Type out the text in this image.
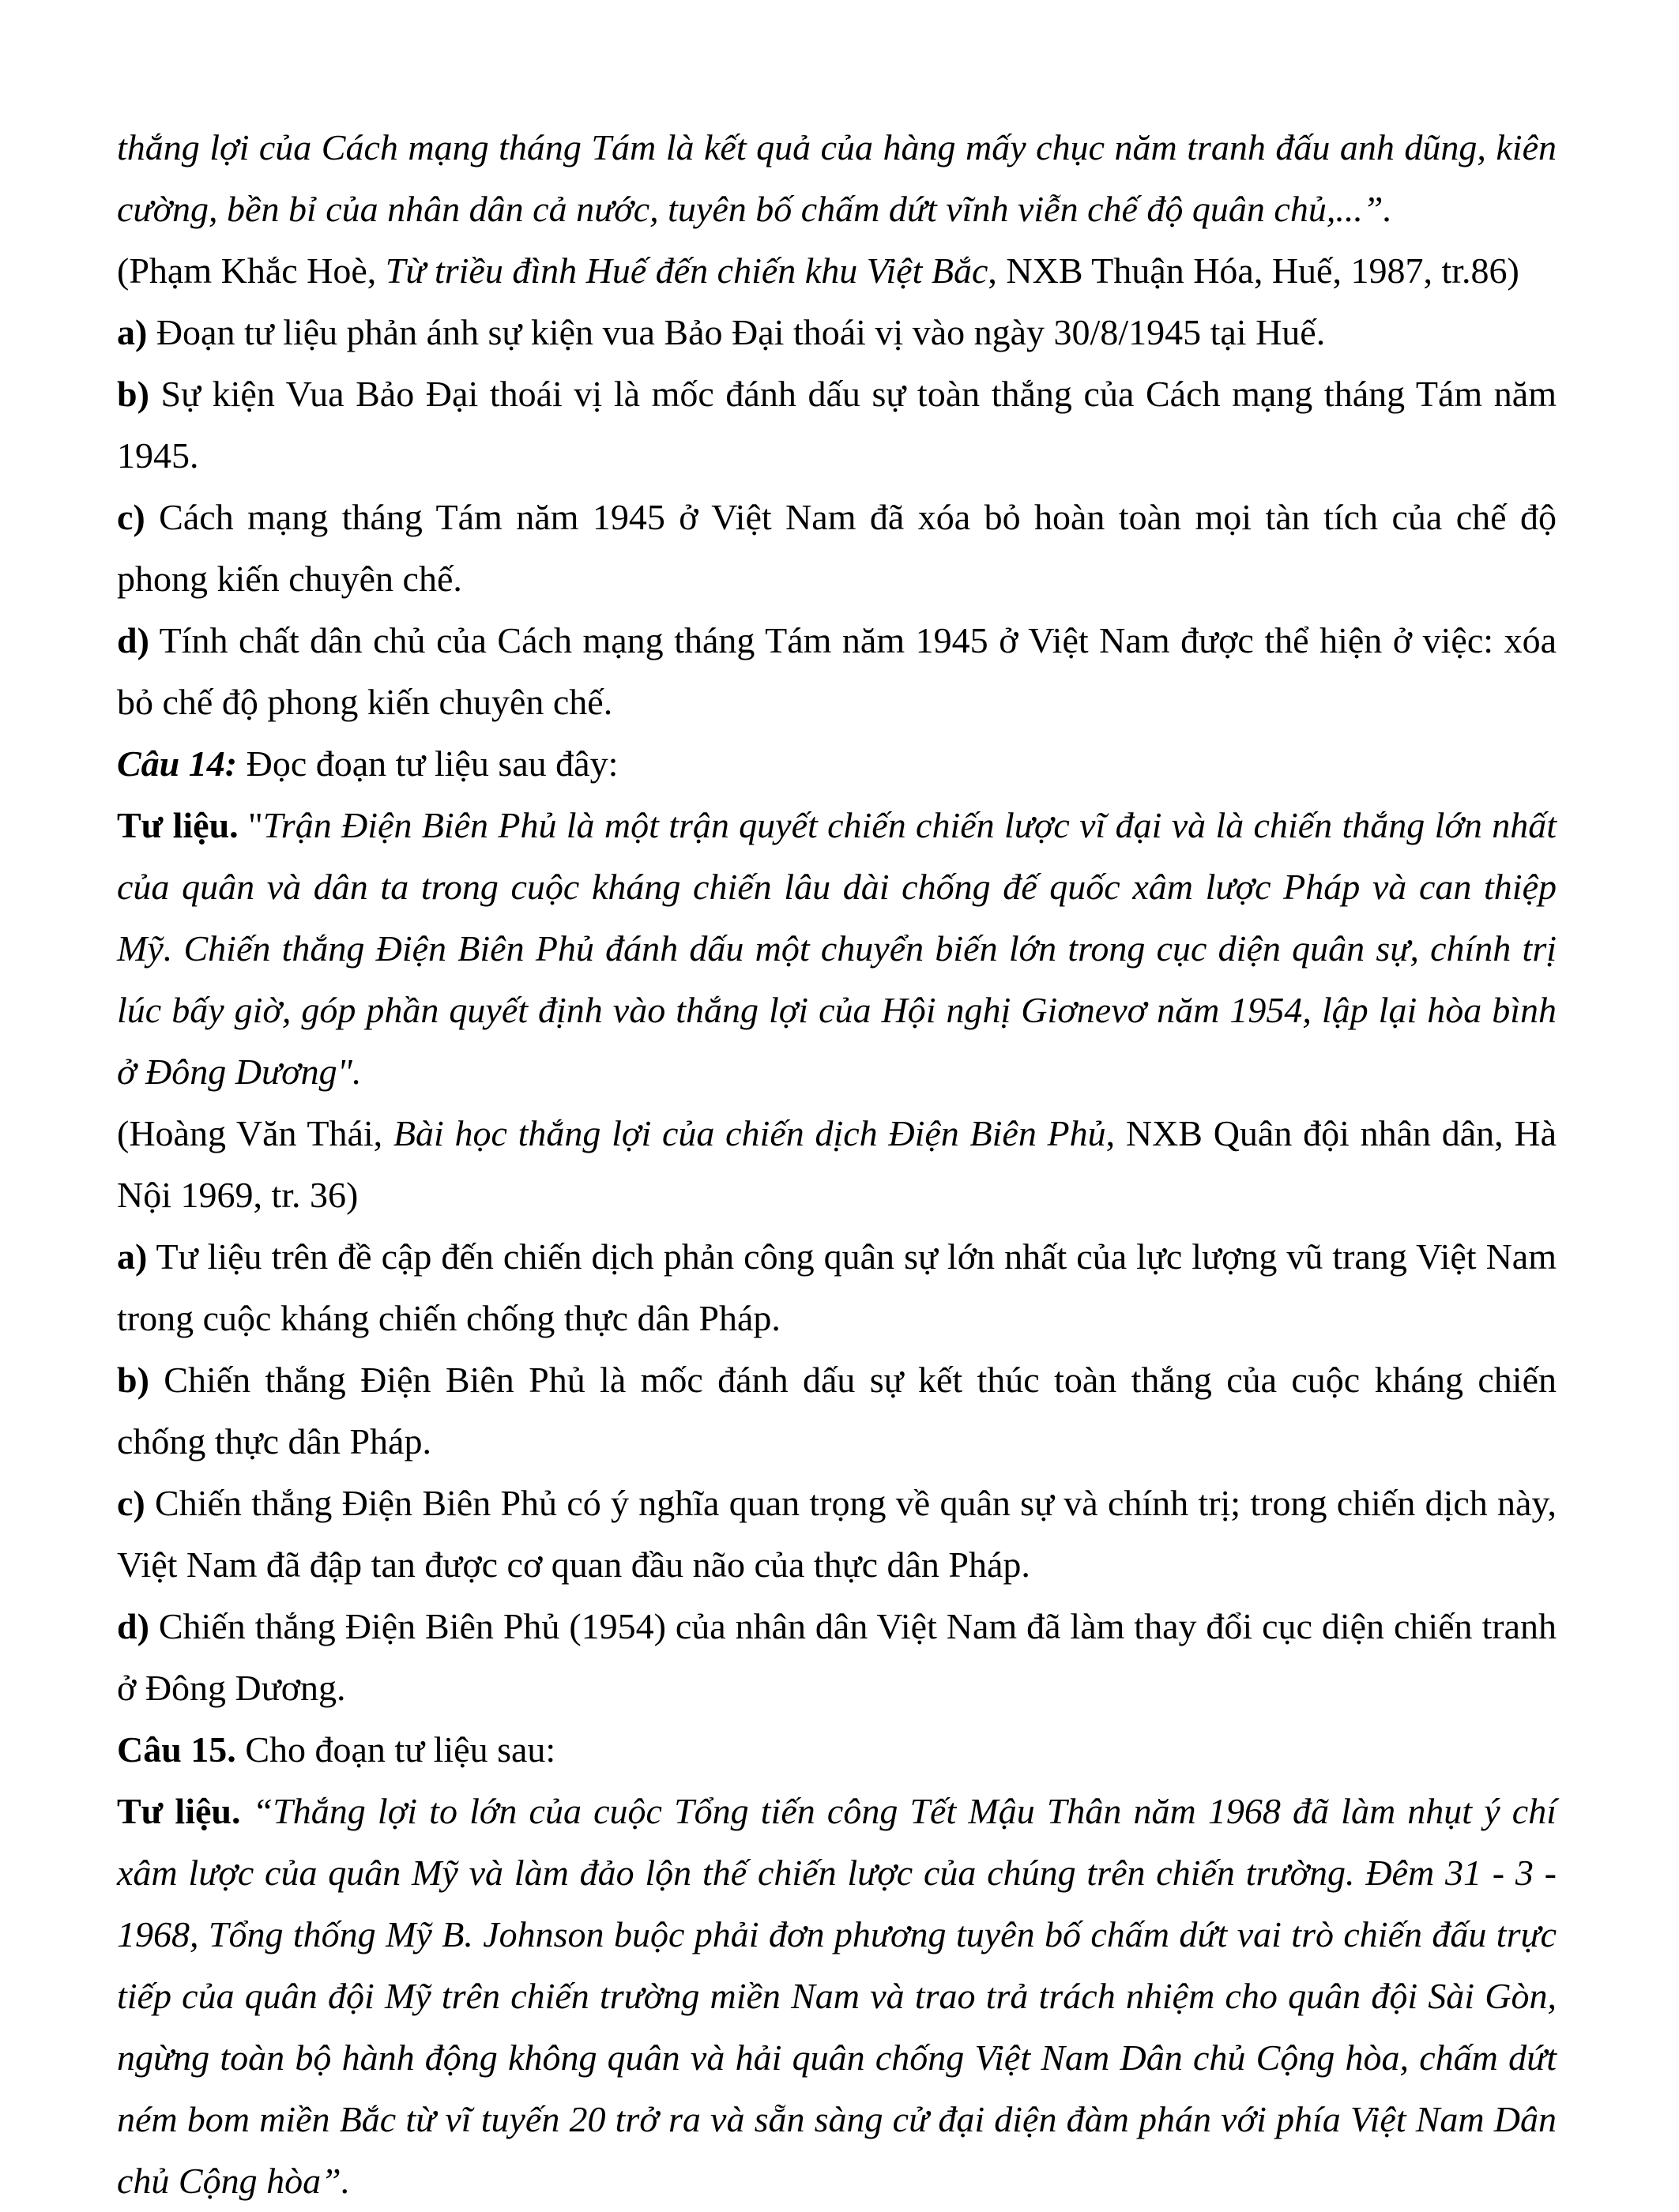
thắng lợi của Cách mạng tháng Tám là kết quả của hàng mấy chục năm tranh đấu anh dũng, kiên cường, bền bỉ của nhân dân cả nước, tuyên bố chấm dứt vĩnh viễn chế độ quân chủ,...”.

(Phạm Khắc Hoè, Từ triều đình Huế đến chiến khu Việt Bắc, NXB Thuận Hóa, Huế, 1987, tr.86)

a) Đoạn tư liệu phản ánh sự kiện vua Bảo Đại thoái vị vào ngày 30/8/1945 tại Huế.

b) Sự kiện Vua Bảo Đại thoái vị là mốc đánh dấu sự toàn thắng của Cách mạng tháng Tám năm 1945.

c) Cách mạng tháng Tám năm 1945 ở Việt Nam đã xóa bỏ hoàn toàn mọi tàn tích của chế độ phong kiến chuyên chế.

d) Tính chất dân chủ của Cách mạng tháng Tám năm 1945 ở Việt Nam được thể hiện ở việc: xóa bỏ chế độ phong kiến chuyên chế.

Câu 14: Đọc đoạn tư liệu sau đây:

Tư liệu. "Trận Điện Biên Phủ là một trận quyết chiến chiến lược vĩ đại và là chiến thắng lớn nhất của quân và dân ta trong cuộc kháng chiến lâu dài chống đế quốc xâm lược Pháp và can thiệp Mỹ. Chiến thắng Điện Biên Phủ đánh dấu một chuyển biến lớn trong cục diện quân sự, chính trị lúc bấy giờ, góp phần quyết định vào thắng lợi của Hội nghị Giơnevơ năm 1954, lập lại hòa bình ở Đông Dương".

(Hoàng Văn Thái, Bài học thắng lợi của chiến dịch Điện Biên Phủ, NXB Quân đội nhân dân, Hà Nội 1969, tr. 36)

a) Tư liệu trên đề cập đến chiến dịch phản công quân sự lớn nhất của lực lượng vũ trang Việt Nam trong cuộc kháng chiến chống thực dân Pháp.

b) Chiến thắng Điện Biên Phủ là mốc đánh dấu sự kết thúc toàn thắng của cuộc kháng chiến chống thực dân Pháp.

c) Chiến thắng Điện Biên Phủ có ý nghĩa quan trọng về quân sự và chính trị; trong chiến dịch này, Việt Nam đã đập tan được cơ quan đầu não của thực dân Pháp.

d) Chiến thắng Điện Biên Phủ (1954) của nhân dân Việt Nam đã làm thay đổi cục diện chiến tranh ở Đông Dương.

Câu 15. Cho đoạn tư liệu sau:

Tư liệu. “Thắng lợi to lớn của cuộc Tổng tiến công Tết Mậu Thân năm 1968 đã làm nhụt ý chí xâm lược của quân Mỹ và làm đảo lộn thế chiến lược của chúng trên chiến trường. Đêm 31 - 3 - 1968, Tổng thống Mỹ B. Johnson buộc phải đơn phương tuyên bố chấm dứt vai trò chiến đấu trực tiếp của quân đội Mỹ trên chiến trường miền Nam và trao trả trách nhiệm cho quân đội Sài Gòn, ngừng toàn bộ hành động không quân và hải quân chống Việt Nam Dân chủ Cộng hòa, chấm dứt ném bom miền Bắc từ vĩ tuyến 20 trở ra và sẵn sàng cử đại diện đàm phán với phía Việt Nam Dân chủ Cộng hòa”.
